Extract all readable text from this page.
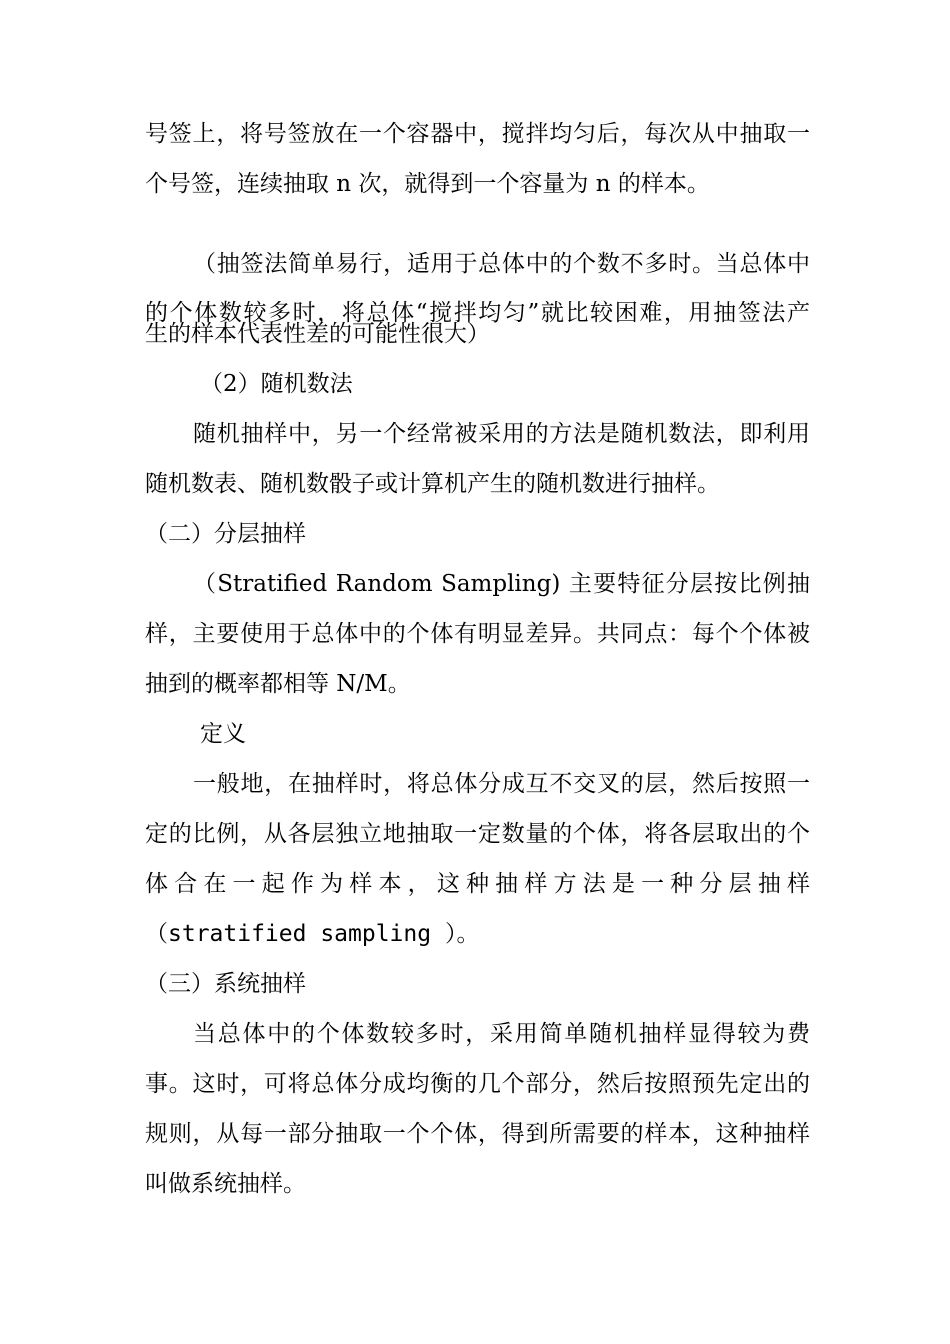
号签上，将号签放在一个容器中，搅拌均匀后，每次从中抽取一
个号签，连续抽取 n 次，就得到一个容量为 n 的样本。
（抽签法简单易行，适用于总体中的个数不多时。当总体中
的个体数较多时，将总体“搅拌均匀”就比较困难，用抽签法产
生的样本代表性差的可能性很大）
（2）随机数法
随机抽样中，另一个经常被采用的方法是随机数法，即利用
随机数表、随机数骰子或计算机产生的随机数进行抽样。
（二）分层抽样
（Stratified Random Sampling) 主要特征分层按比例抽
样，主要使用于总体中的个体有明显差异。共同点：每个个体被
抽到的概率都相等 N/M。
定义
一般地，在抽样时，将总体分成互不交叉的层，然后按照一
定的比例，从各层独立地抽取一定数量的个体，将各层取出的个
体合在一起作为样本，这种抽样方法是一种分层抽样
（stratified sampling ）。
（三）系统抽样
当总体中的个体数较多时，采用简单随机抽样显得较为费
事。这时，可将总体分成均衡的几个部分，然后按照预先定出的
规则，从每一部分抽取一个个体，得到所需要的样本，这种抽样
叫做系统抽样。
